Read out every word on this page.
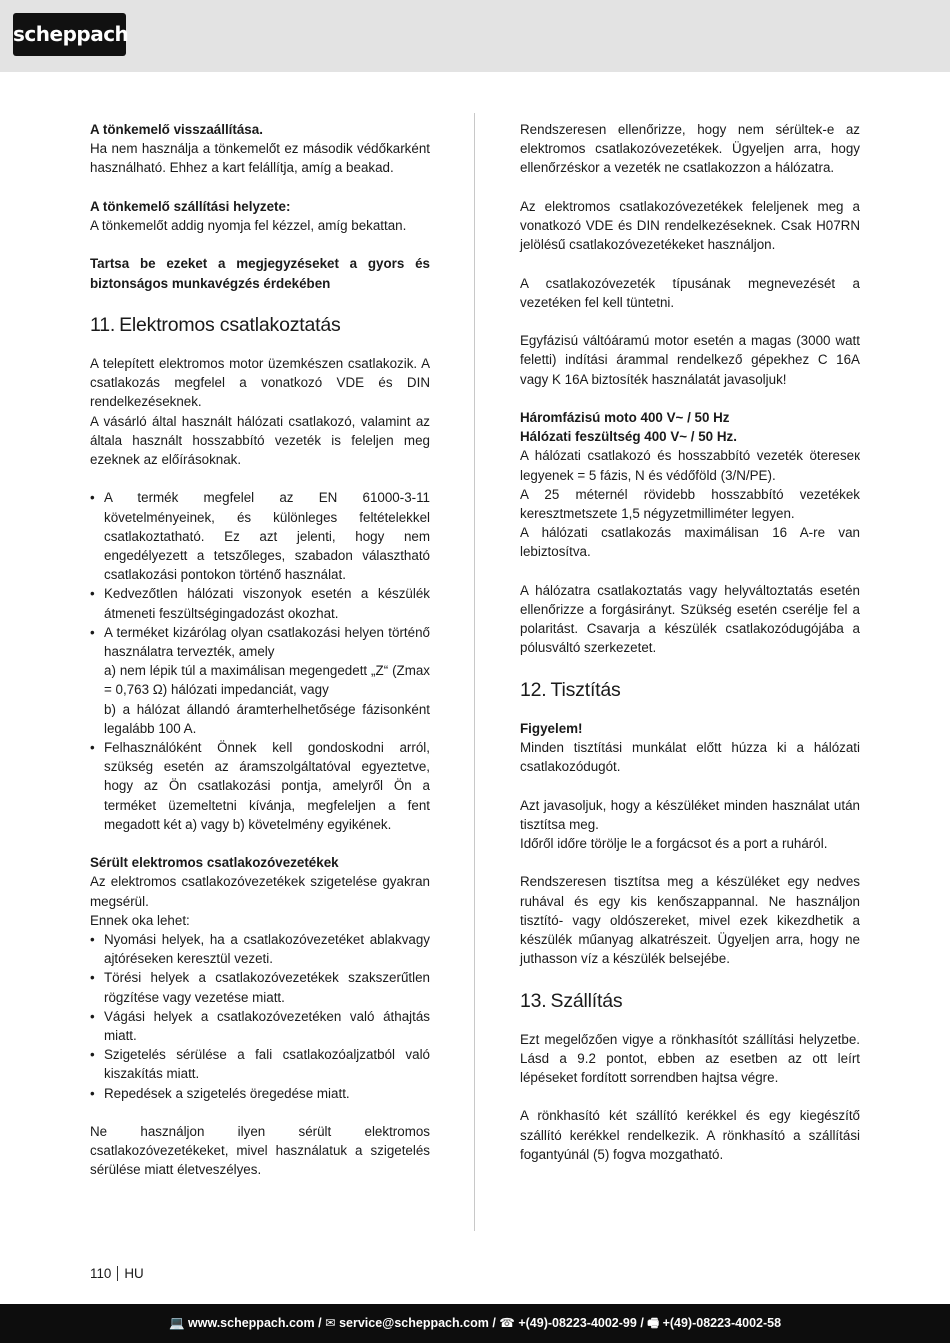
scheppach

A tönkemelő visszaállítása.

Ha nem használja a tönkemelőt ez második védőkarként használható. Ehhez a kart felállítja, amíg a beakad.

A tönkemelő szállítási helyzete:

A tönkemelőt addig nyomja fel kézzel, amíg bekattan.

Tartsa be ezeket a megjegyzéseket a gyors és biztonságos munkavégzés érdekében

11. Elektromos csatlakoztatás

A telepített elektromos motor üzemkészen csatlakozik. A csatlakozás megfelel a vonatkozó VDE és DIN rendelkezéseknek.

A vásárló által használt hálózati csatlakozó, valamint az általa használt hosszabbító vezeték is feleljen meg ezeknek az előírásoknak.

• A termék megfelel az EN 61000-3-11 követelményeinek, és különleges feltételekkel csatlakoztatható. Ez azt jelenti, hogy nem engedélyezett a tetszőleges, szabadon választható csatlakozási pontokon történő használat.
• Kedvezőtlen hálózati viszonyok esetén a készülék átmeneti feszültségingadozást okozhat.
• A terméket kizárólag olyan csatlakozási helyen történő használatra tervezték, amely
a) nem lépik túl a maximálisan megengedett „Z“ (Zmax = 0,763 Ω) hálózati impedanciát, vagy
b) a hálózat állandó áramterhelhetősége fázisonként legalább 100 A.
• Felhasználóként Önnek kell gondoskodni arról, szükség esetén az áramszolgáltatóval egyeztetve, hogy az Ön csatlakozási pontja, amelyről Ön a terméket üzemeltetni kívánja, megfeleljen a fent megadott két a) vagy b) követelmény egyikének.

Sérült elektromos csatlakozóvezetékek

Az elektromos csatlakozóvezetékek szigetelése gyakran megsérül.

Ennek oka lehet:

• Nyomási helyek, ha a csatlakozóvezetéket ablakvagy ajtóréseken keresztül vezeti.
• Törési helyek a csatlakozóvezetékek szakszerűtlen rögzítése vagy vezetése miatt.
• Vágási helyek a csatlakozóvezetéken való áthajtás miatt.
• Szigetelés sérülése a fali csatlakozóaljzatból való kiszakítás miatt.
• Repedések a szigetelés öregedése miatt.

Ne használjon ilyen sérült elektromos csatlakozóvezetékeket, mivel használatuk a szigetelés sérülése miatt életveszélyes.

Rendszeresen ellenőrizze, hogy nem sérültek-e az elektromos csatlakozóvezetékek. Ügyeljen arra, hogy ellenőrzéskor a vezeték ne csatlakozzon a hálózatra.

Az elektromos csatlakozóvezetékek feleljenek meg a vonatkozó VDE és DIN rendelkezéseknek. Csak H07RN jelölésű csatlakozóvezetékeket használjon.

A csatlakozóvezeték típusának megnevezését a vezetéken fel kell tüntetni.

Egyfázisú váltóáramú motor esetén a magas (3000 watt feletti) indítási árammal rendelkező gépekhez C 16A vagy K 16A biztosíték használatát javasoljuk!

Háromfázisú moto 400 V~ / 50 Hz

Hálózati feszültség 400 V~ / 50 Hz.

A hálózati csatlakozó és hosszabbító vezeték ötereseк legyenek = 5 fázis, N és védőföld (3/N/PE).

A 25 méternél rövidebb hosszabbító vezetékek keresztmetszete 1,5 négyzetmilliméter legyen.

A hálózati csatlakozás maximálisan 16 A-re van lebiztosítva.

A hálózatra csatlakoztatás vagy helyváltoztatás esetén ellenőrizze a forgásirányt. Szükség esetén cserélje fel a polaritást. Csavarja a készülék csatlakozódugójába a pólusváltó szerkezetet.

12. Tisztítás

Figyelem!

Minden tisztítási munkálat előtt húzza ki a hálózati csatlakozódugót.

Azt javasoljuk, hogy a készüléket minden használat után tisztítsa meg.

Időről időre törölje le a forgácsot és a port a ruháról.

Rendszeresen tisztítsa meg a készüléket egy nedves ruhával és egy kis kenőszappannal. Ne használjon tisztító- vagy oldószereket, mivel ezek kikezdhetik a készülék műanyag alkatrészeit. Ügyeljen arra, hogy ne juthasson víz a készülék belsejébe.

13. Szállítás

Ezt megelőzően vigye a rönkhasítót szállítási helyzetbe. Lásd a 9.2 pontot, ebben az esetben az ott leírt lépéseket fordított sorrendben hajtsa végre.

A rönkhasító két szállító kerékkel és egy kiegészítő szállító kerékkel rendelkezik. A rönkhasító a szállítási fogantyúnál (5) fogva mozgatható.

110 HU
💻 www.scheppach.com / ✉ service@scheppach.com / ☎ +(49)-08223-4002-99 / 🖷 +(49)-08223-4002-58
